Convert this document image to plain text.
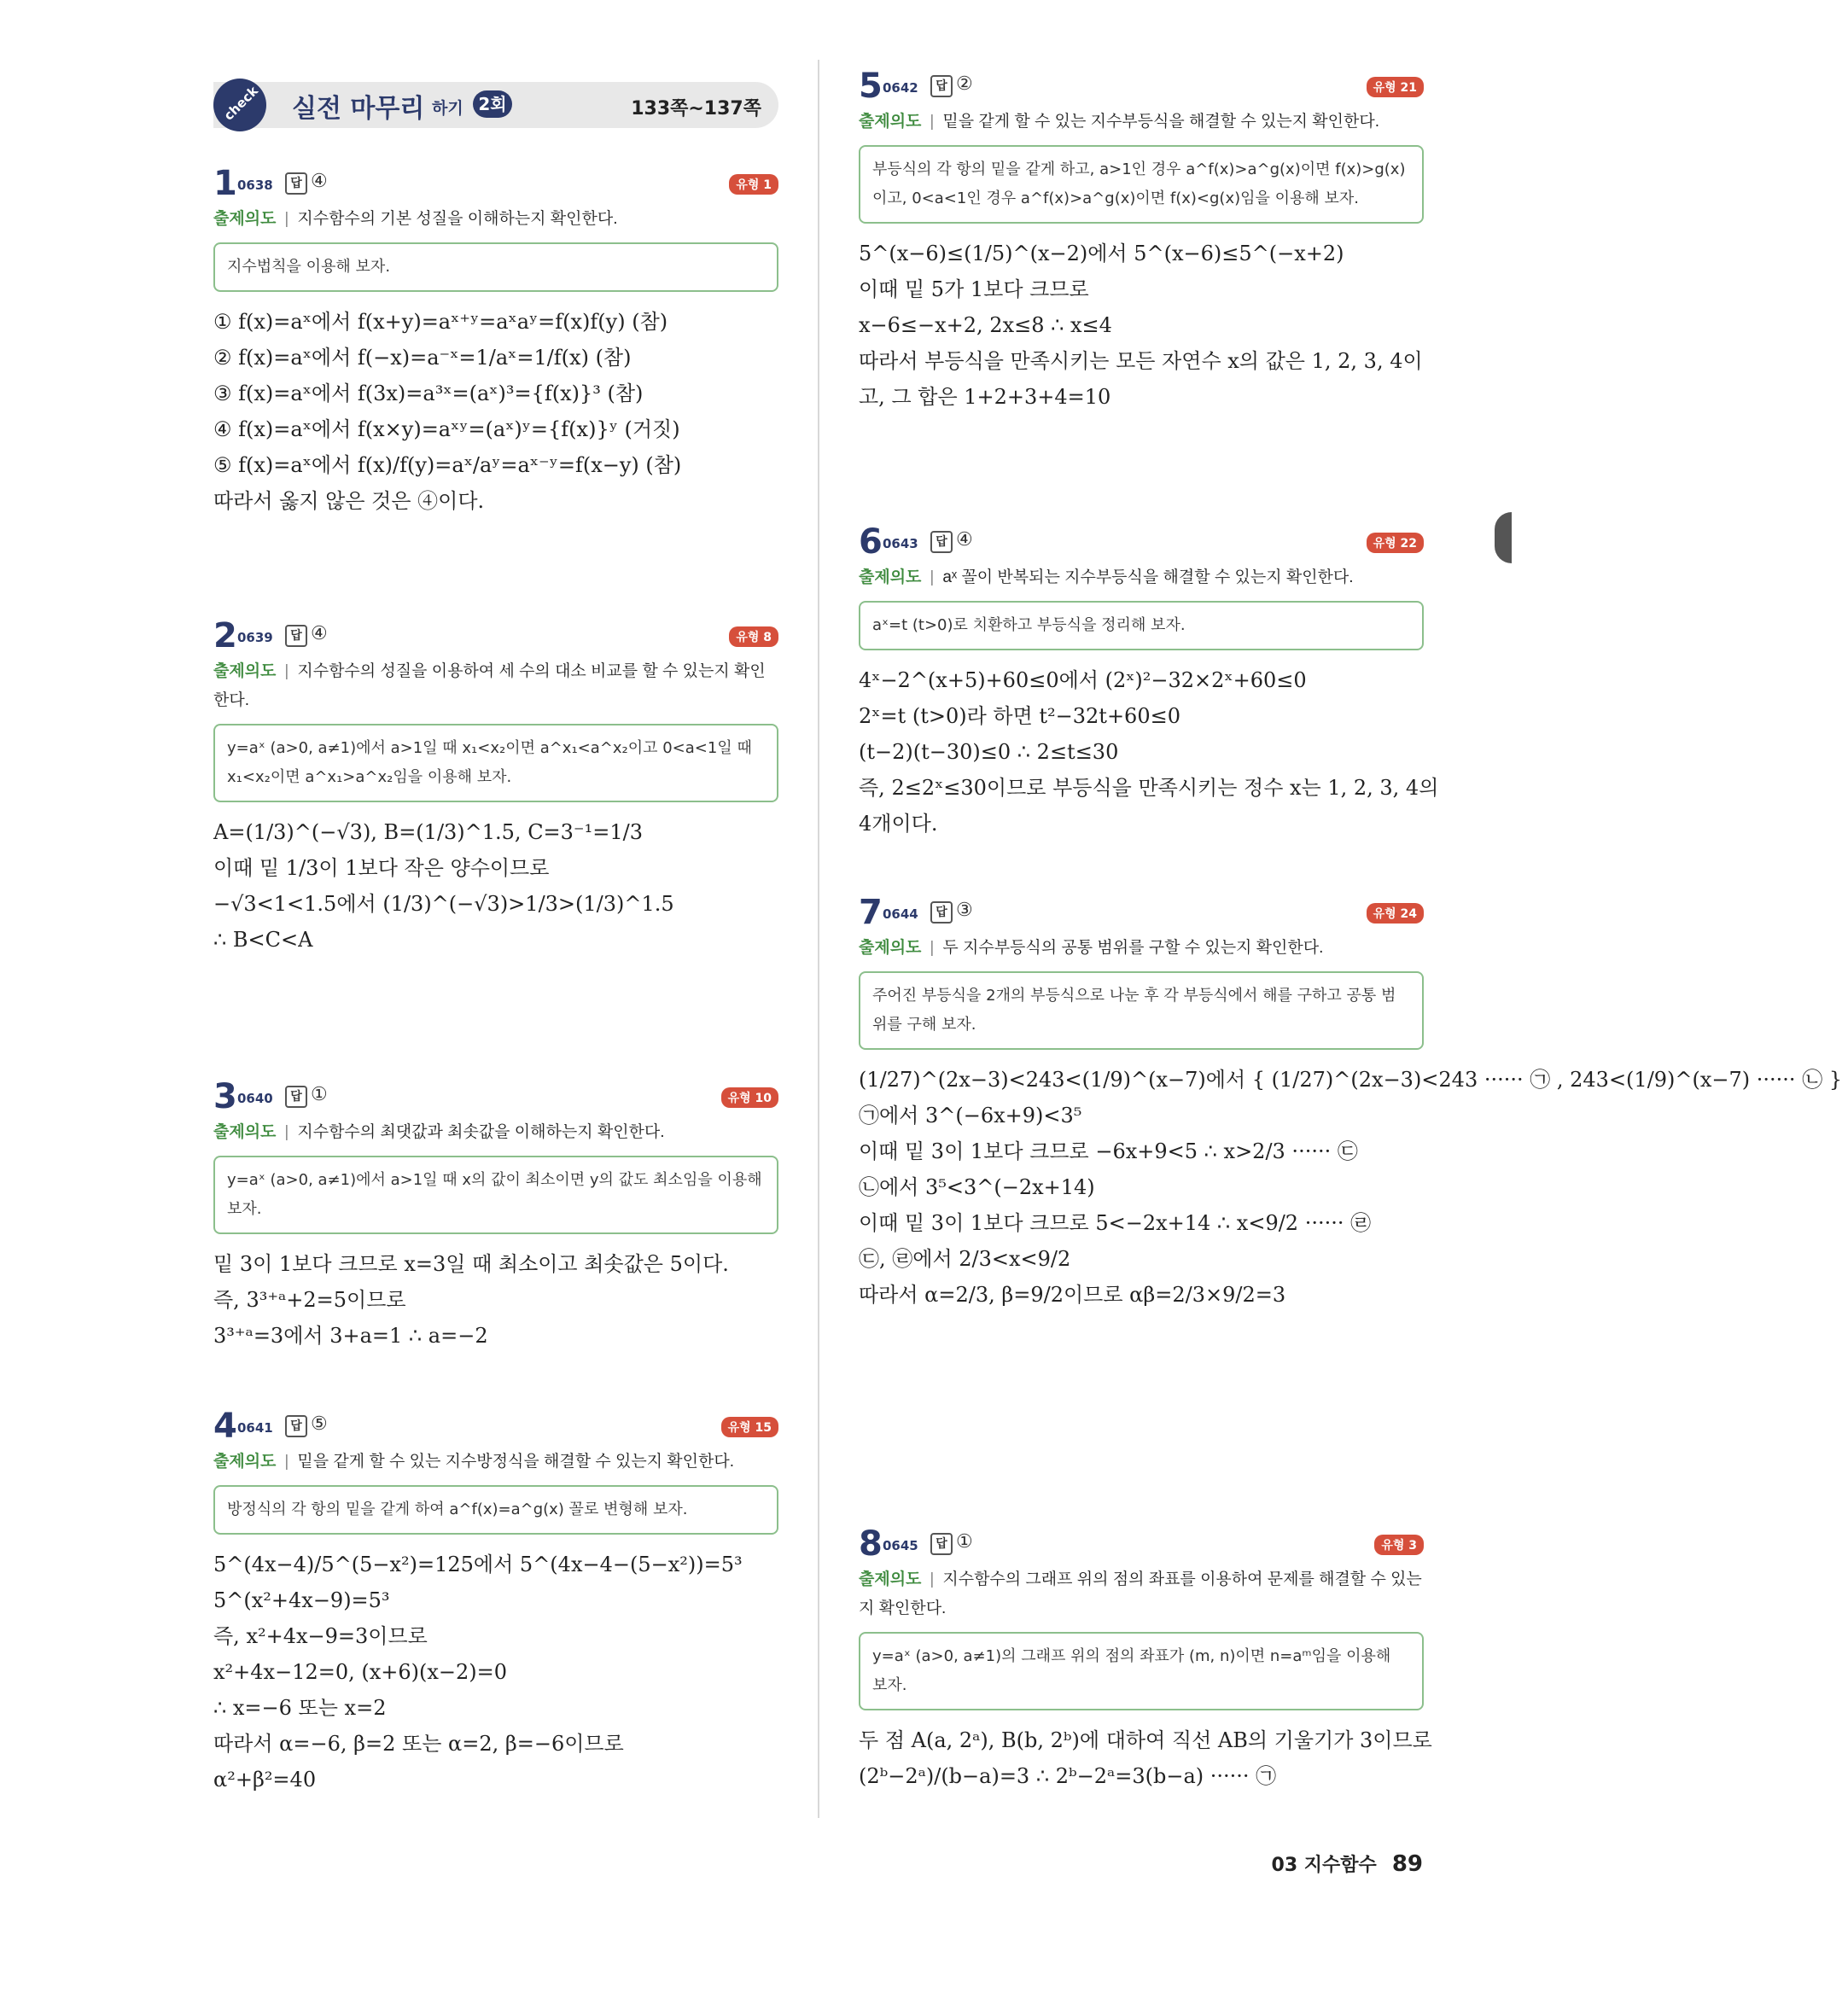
check 실전 마무리 하기 2회	133쪽~137쪽
1 0638	답 ④	유형 1
출제의도 | 지수함수의 기본 성질을 이해하는지 확인한다.
지수법칙을 이용해 보자.
① f(x)=aˣ에서 f(x+y)=aˣ⁺ʸ=aˣaʸ=f(x)f(y) (참)
② f(x)=aˣ에서 f(−x)=a⁻ˣ=1/aˣ=1/f(x) (참)
③ f(x)=aˣ에서 f(3x)=a³ˣ=(aˣ)³={f(x)}³ (참)
④ f(x)=aˣ에서 f(x×y)=aˣʸ=(aˣ)ʸ={f(x)}ʸ (거짓)
⑤ f(x)=aˣ에서 f(x)/f(y)=aˣ/aʸ=aˣ⁻ʸ=f(x−y) (참)
따라서 옳지 않은 것은 ④이다.
2 0639	답 ④	유형 8
출제의도 | 지수함수의 성질을 이용하여 세 수의 대소 비교를 할 수 있는지 확인한다.
y=aˣ (a>0, a≠1)에서 a>1일 때 x₁<x₂이면 a^x₁<a^x₂이고 0<a<1일 때 x₁<x₂이면 a^x₁>a^x₂임을 이용해 보자.
A=(1/3)^(−√3), B=(1/3)^1.5, C=3⁻¹=1/3
이때 밑 1/3이 1보다 작은 양수이므로
−√3<1<1.5에서 (1/3)^(−√3)>1/3>(1/3)^1.5
∴ B<C<A
3 0640	답 ①	유형 10
출제의도 | 지수함수의 최댓값과 최솟값을 이해하는지 확인한다.
y=aˣ (a>0, a≠1)에서 a>1일 때 x의 값이 최소이면 y의 값도 최소임을 이용해 보자.
밑 3이 1보다 크므로 x=3일 때 최소이고 최솟값은 5이다.
즉, 3³⁺ᵃ+2=5이므로
3³⁺ᵃ=3에서 3+a=1 ∴ a=−2
4 0641	답 ⑤	유형 15
출제의도 | 밑을 같게 할 수 있는 지수방정식을 해결할 수 있는지 확인한다.
방정식의 각 항의 밑을 같게 하여 a^f(x)=a^g(x) 꼴로 변형해 보자.
5^(4x−4)/5^(5−x²)=125에서 5^(4x−4−(5−x²))=5³
5^(x²+4x−9)=5³
즉, x²+4x−9=3이므로
x²+4x−12=0, (x+6)(x−2)=0
∴ x=−6 또는 x=2
따라서 α=−6, β=2 또는 α=2, β=−6이므로
α²+β²=40
5 0642	답 ②	유형 21
출제의도 | 밑을 같게 할 수 있는 지수부등식을 해결할 수 있는지 확인한다.
부등식의 각 항의 밑을 같게 하고, a>1인 경우 a^f(x)>a^g(x)이면 f(x)>g(x)이고, 0<a<1인 경우 a^f(x)>a^g(x)이면 f(x)<g(x)임을 이용해 보자.
5^(x−6)≤(1/5)^(x−2)에서 5^(x−6)≤5^(−x+2)
이때 밑 5가 1보다 크므로
x−6≤−x+2, 2x≤8 ∴ x≤4
따라서 부등식을 만족시키는 모든 자연수 x의 값은 1, 2, 3, 4이
고, 그 합은 1+2+3+4=10
6 0643	답 ④	유형 22
출제의도 | aˣ 꼴이 반복되는 지수부등식을 해결할 수 있는지 확인한다.
aˣ=t (t>0)로 치환하고 부등식을 정리해 보자.
4ˣ−2^(x+5)+60≤0에서 (2ˣ)²−32×2ˣ+60≤0
2ˣ=t (t>0)라 하면 t²−32t+60≤0
(t−2)(t−30)≤0 ∴ 2≤t≤30
즉, 2≤2ˣ≤30이므로 부등식을 만족시키는 정수 x는 1, 2, 3, 4의
4개이다.
7 0644	답 ③	유형 24
출제의도 | 두 지수부등식의 공통 범위를 구할 수 있는지 확인한다.
주어진 부등식을 2개의 부등식으로 나눈 후 각 부등식에서 해를 구하고 공통 범위를 구해 보자.
(1/27)^(2x−3)<243<(1/9)^(x−7)에서 { (1/27)^(2x−3)<243 ······ ㉠ , 243<(1/9)^(x−7) ······ ㉡ }
㉠에서 3^(−6x+9)<3⁵
이때 밑 3이 1보다 크므로 −6x+9<5 ∴ x>2/3 ······ ㉢
㉡에서 3⁵<3^(−2x+14)
이때 밑 3이 1보다 크므로 5<−2x+14 ∴ x<9/2 ······ ㉣
㉢, ㉣에서 2/3<x<9/2
따라서 α=2/3, β=9/2이므로 αβ=2/3×9/2=3
8 0645	답 ①	유형 3
출제의도 | 지수함수의 그래프 위의 점의 좌표를 이용하여 문제를 해결할 수 있는지 확인한다.
y=aˣ (a>0, a≠1)의 그래프 위의 점의 좌표가 (m, n)이면 n=aᵐ임을 이용해 보자.
두 점 A(a, 2ᵃ), B(b, 2ᵇ)에 대하여 직선 AB의 기울기가 3이므로
(2ᵇ−2ᵃ)/(b−a)=3 ∴ 2ᵇ−2ᵃ=3(b−a) ······ ㉠
03 지수함수 89
